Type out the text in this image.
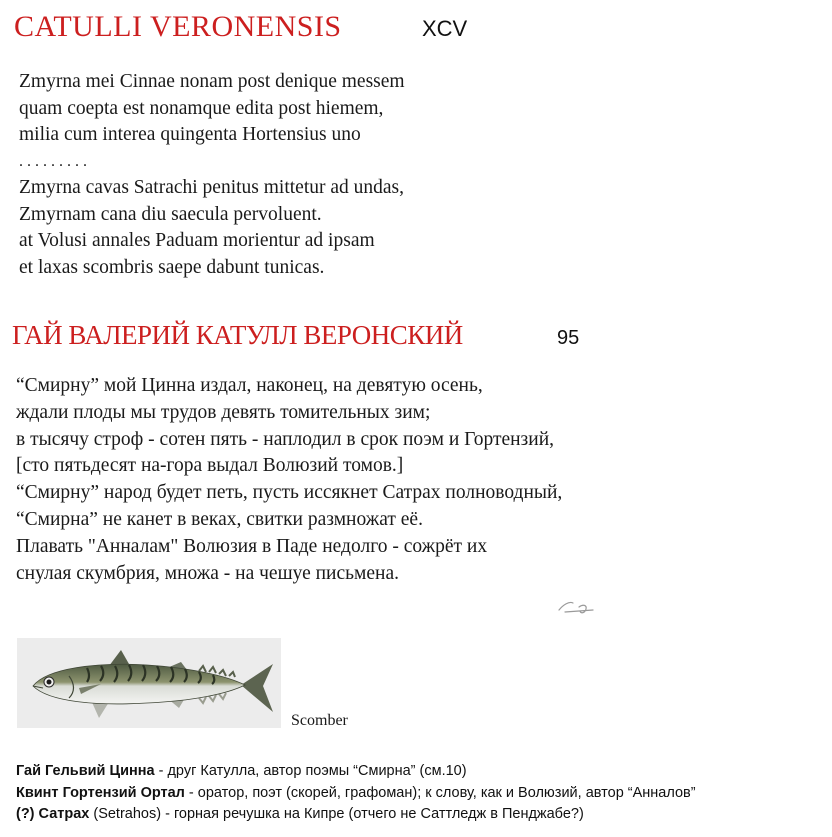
CATULLI VERONENSIS	XCV
Zmyrna mei Cinnae nonam post denique messem
quam coepta est nonamque edita post hiemem,
milia cum interea quingenta Hortensius uno
. . . . . . . . .
Zmyrna cavas Satrachi penitus mittetur ad undas,
Zmyrnam cana diu saecula pervoluent.
at Volusi annales Paduam morientur ad ipsam
et laxas scombris saepe dabunt tunicas.
ГАЙ ВАЛЕРИЙ КАТУЛЛ ВЕРОНСКИЙ	95
“Смирну” мой Цинна издал, наконец, на девятую осень,
ждали плоды мы трудов девять томительных зим;
в тысячу строф - сотен пять - наплодил в срок поэм и Гортензий,
[сто пятьдесят на-гора выдал Волюзий томов.]
“Смирну” народ будет петь, пусть иссякнет Сатрах полноводный,
“Смирна” не канет в веках, свитки размножат её.
Плавать "Анналам" Волюзия в Паде недолго - сожрёт их
снулая скумбрия, множа - на чешуе письмена.
Scomber
Гай Гельвий Цинна - друг Катулла, автор поэмы “Смирна” (см.10)
Квинт Гортензий Ортал - оратор, поэт (скорей, графоман); к слову, как и Волюзий, автор “Анналов”
(?) Сатрах (Setrahos) - горная речушка на Кипре (отчего не Саттледж в Пенджабе?)
